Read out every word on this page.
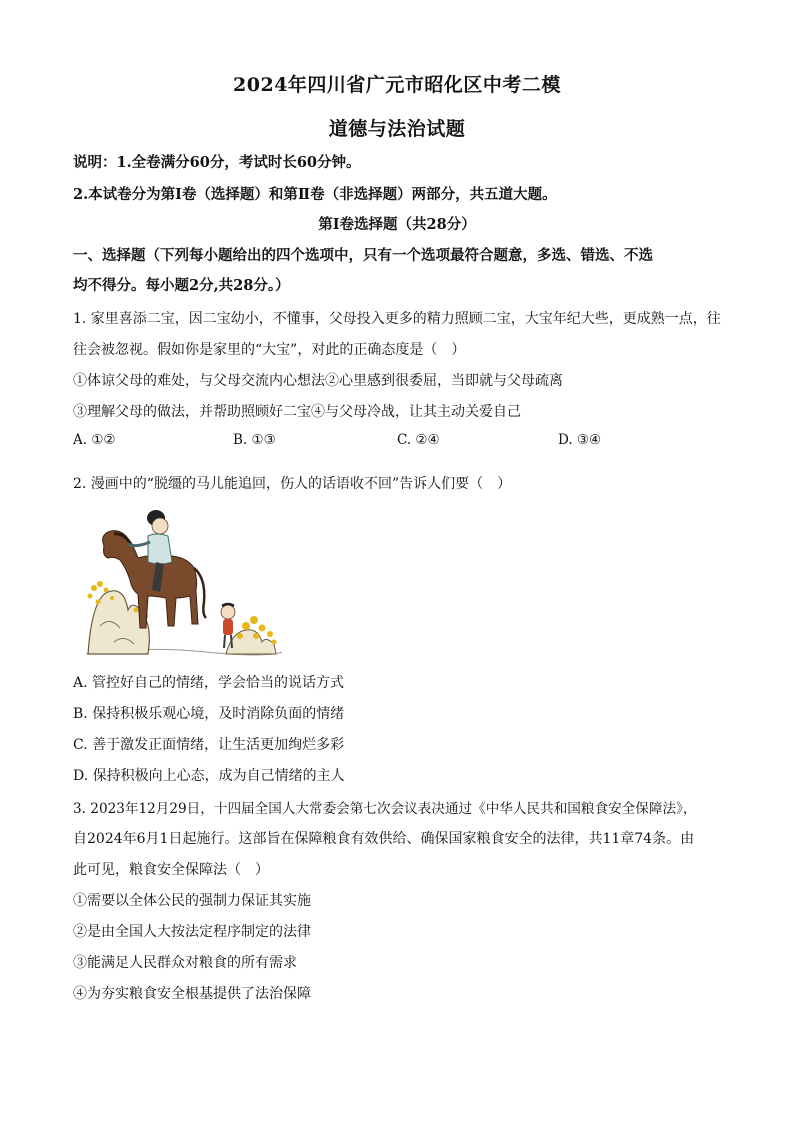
2024年四川省广元市昭化区中考二模
道德与法治试题
说明：1.全卷满分60分，考试时长60分钟。
2.本试卷分为第Ⅰ卷（选择题）和第Ⅱ卷（非选择题）两部分，共五道大题。
第Ⅰ卷选择题（共28分）
一、选择题（下列每小题给出的四个选项中，只有一个选项最符合题意，多选、错选、不选
均不得分。每小题2分,共28分。）
1. 家里喜添二宝，因二宝幼小，不懂事，父母投入更多的精力照顾二宝，大宝年纪大些，更成熟一点，往
往会被忽视。假如你是家里的“大宝”，对此的正确态度是（　）
①体谅父母的难处，与父母交流内心想法②心里感到很委屈，当即就与父母疏离
③理解父母的做法，并帮助照顾好二宝④与父母冷战，让其主动关爱自己
A. ①②	B. ①③	C. ②④	D. ③④
2. 漫画中的“脱缰的马儿能追回，伤人的话语收不回”告诉人们要（　）
A. 管控好自己的情绪，学会恰当的说话方式
B. 保持积极乐观心境，及时消除负面的情绪
C. 善于激发正面情绪，让生活更加绚烂多彩
D. 保持积极向上心态，成为自己情绪的主人
3. 2023年12月29日，十四届全国人大常委会第七次会议表决通过《中华人民共和国粮食安全保障法》，
自2024年6月1日起施行。这部旨在保障粮食有效供给、确保国家粮食安全的法律，共11章74条。由
此可见，粮食安全保障法（　）
①需要以全体公民的强制力保证其实施
②是由全国人大按法定程序制定的法律
③能满足人民群众对粮食的所有需求
④为夯实粮食安全根基提供了法治保障
